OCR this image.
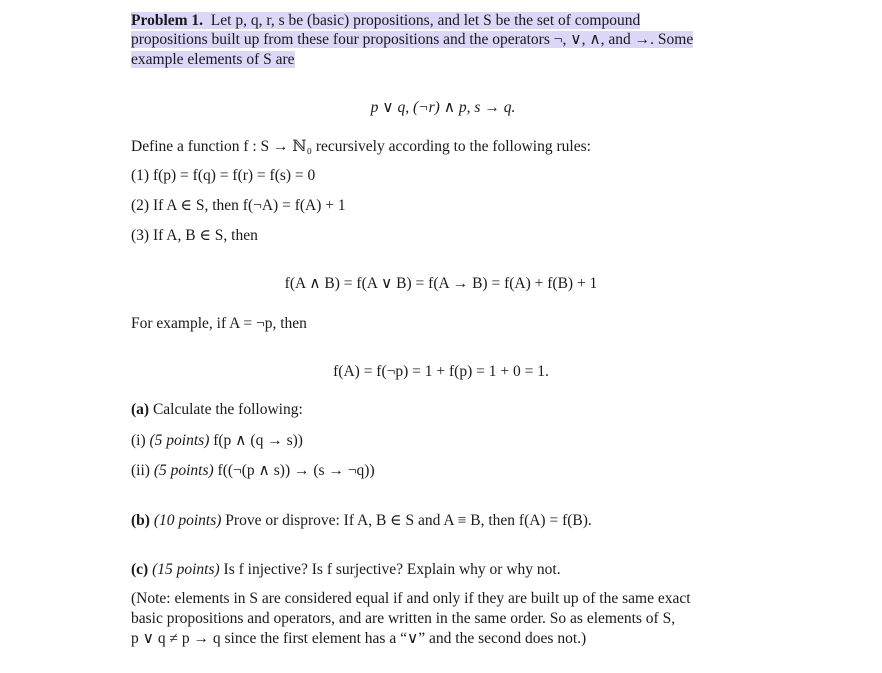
Problem 1. Let p, q, r, s be (basic) propositions, and let S be the set of compound
propositions built up from these four propositions and the operators ¬, ∨, ∧, and →. Some
example elements of S are
p ∨ q, (¬r) ∧ p, s → q.
Define a function f : S → ℕ₀ recursively according to the following rules:
(1) f(p) = f(q) = f(r) = f(s) = 0
(2) If A ∈ S, then f(¬A) = f(A) + 1
(3) If A, B ∈ S, then
f(A ∧ B) = f(A ∨ B) = f(A → B) = f(A) + f(B) + 1
For example, if A = ¬p, then
f(A) = f(¬p) = 1 + f(p) = 1 + 0 = 1.
(a) Calculate the following:
(i) (5 points) f(p ∧ (q → s))
(ii) (5 points) f((¬(p ∧ s)) → (s → ¬q))
(b) (10 points) Prove or disprove: If A, B ∈ S and A ≡ B, then f(A) = f(B).
(c) (15 points) Is f injective? Is f surjective? Explain why or why not.
(Note: elements in S are considered equal if and only if they are built up of the same exact
basic propositions and operators, and are written in the same order. So as elements of S,
p ∨ q ≠ p → q since the first element has a “∨” and the second does not.)
